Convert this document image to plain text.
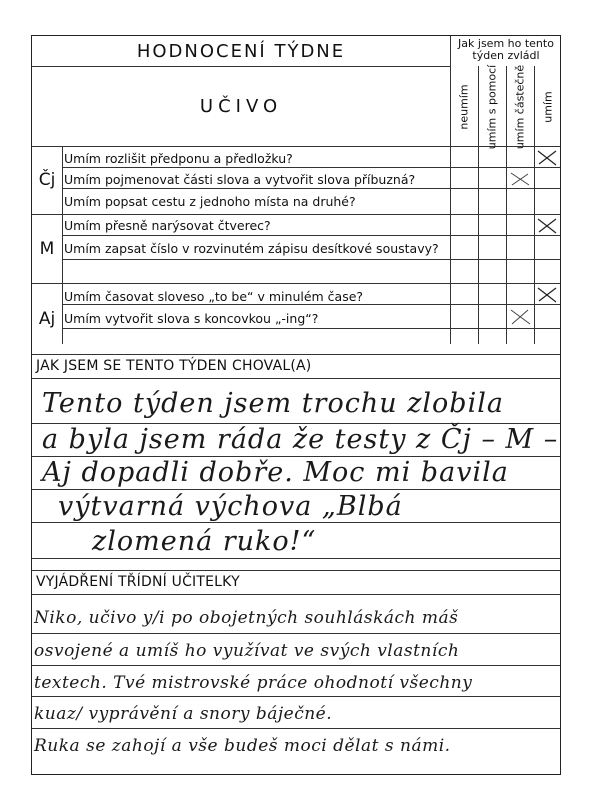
HODNOCENÍ TÝDNE	Jak jsem ho tento
týden zvládl
UČIVO	neumím umím s pomocí umím částečně umím
Čj
M
Aj
Umím rozlišit předponu a předložku?
Umím pojmenovat části slova a vytvořit slova příbuzná?
Umím popsat cestu z jednoho místa na druhé?
Umím přesně narýsovat čtverec?
Umím zapsat číslo v rozvinutém zápisu desítkové soustavy?
Umím časovat sloveso „to be“ v minulém čase?
Umím vytvořit slova s koncovkou „-ing“?
JAK JSEM SE TENTO TÝDEN CHOVAL(A)
Tento týden jsem trochu zlobila
a byla jsem ráda že testy z Čj – M –
Aj dopadli dobře. Moc mi bavila
výtvarná výchova „Blbá
zlomená ruko!“
VYJÁDŘENÍ TŘÍDNÍ UČITELKY
Niko, učivo y/i po obojetných souhláskách máš
osvojené a umíš ho využívat ve svých vlastních
textech. Tvé mistrovské práce ohodnotí všechny
kuaz/ vyprávění a snory báječné.
Ruka se zahojí a vše budeš moci dělat s námi.
